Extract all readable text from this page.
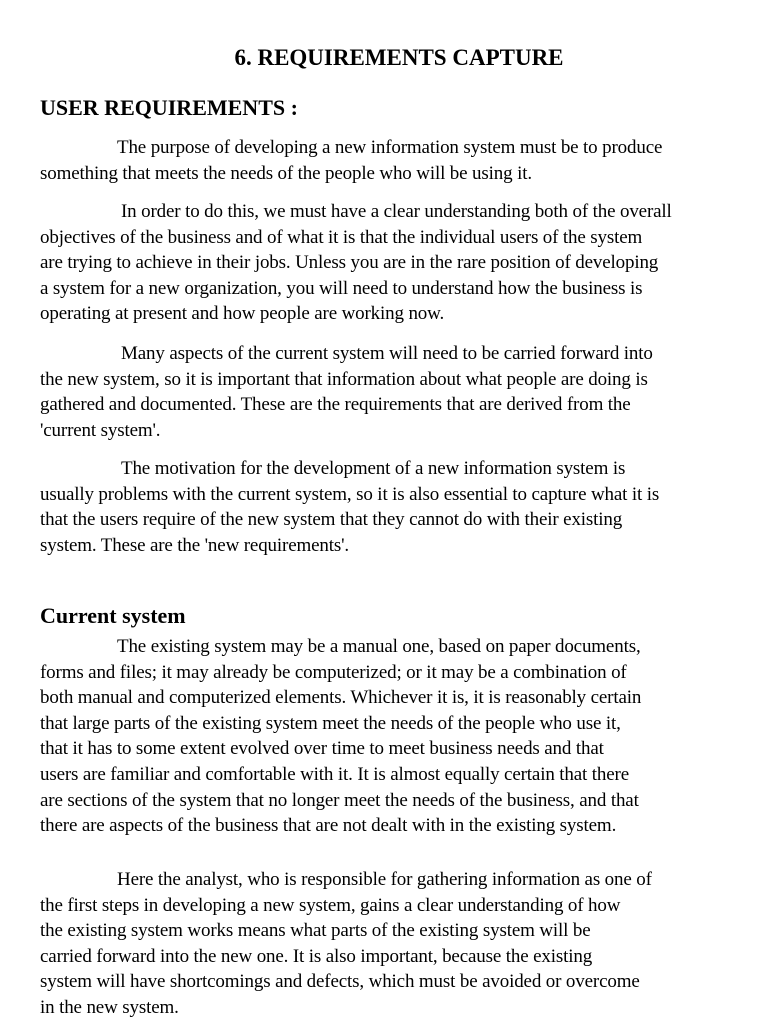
6. REQUIREMENTS CAPTURE
USER REQUIREMENTS :

The purpose of developing a new information system must be to produce
something that meets the needs of the people who will be using it.

In order to do this, we must have a clear understanding both of the overall
objectives of the business and of what it is that the individual users of the system
are trying to achieve in their jobs. Unless you are in the rare position of developing
a system for a new organization, you will need to understand how the business is
operating at present and how people are working now.

Many aspects of the current system will need to be carried forward into
the new system, so it is important that information about what people are doing is
gathered and documented. These are the requirements that are derived from the
'current system'.

The motivation for the development of a new information system is
usually problems with the current system, so it is also essential to capture what it is
that the users require of the new system that they cannot do with their existing
system. These are the 'new requirements'.

Current system

The existing system may be a manual one, based on paper documents,
forms and files; it may already be computerized; or it may be a combination of
both manual and computerized elements. Whichever it is, it is reasonably certain
that large parts of the existing system meet the needs of the people who use it,
that it has to some extent evolved over time to meet business needs and that
users are familiar and comfortable with it. It is almost equally certain that there
are sections of the system that no longer meet the needs of the business, and that
there are aspects of the business that are not dealt with in the existing system.

Here the analyst, who is responsible for gathering information as one of
the first steps in developing a new system, gains a clear understanding of how
the existing system works means what parts of the existing system will be
carried forward into the new one. It is also important, because the existing
system will have shortcomings and defects, which must be avoided or overcome
in the new system.
